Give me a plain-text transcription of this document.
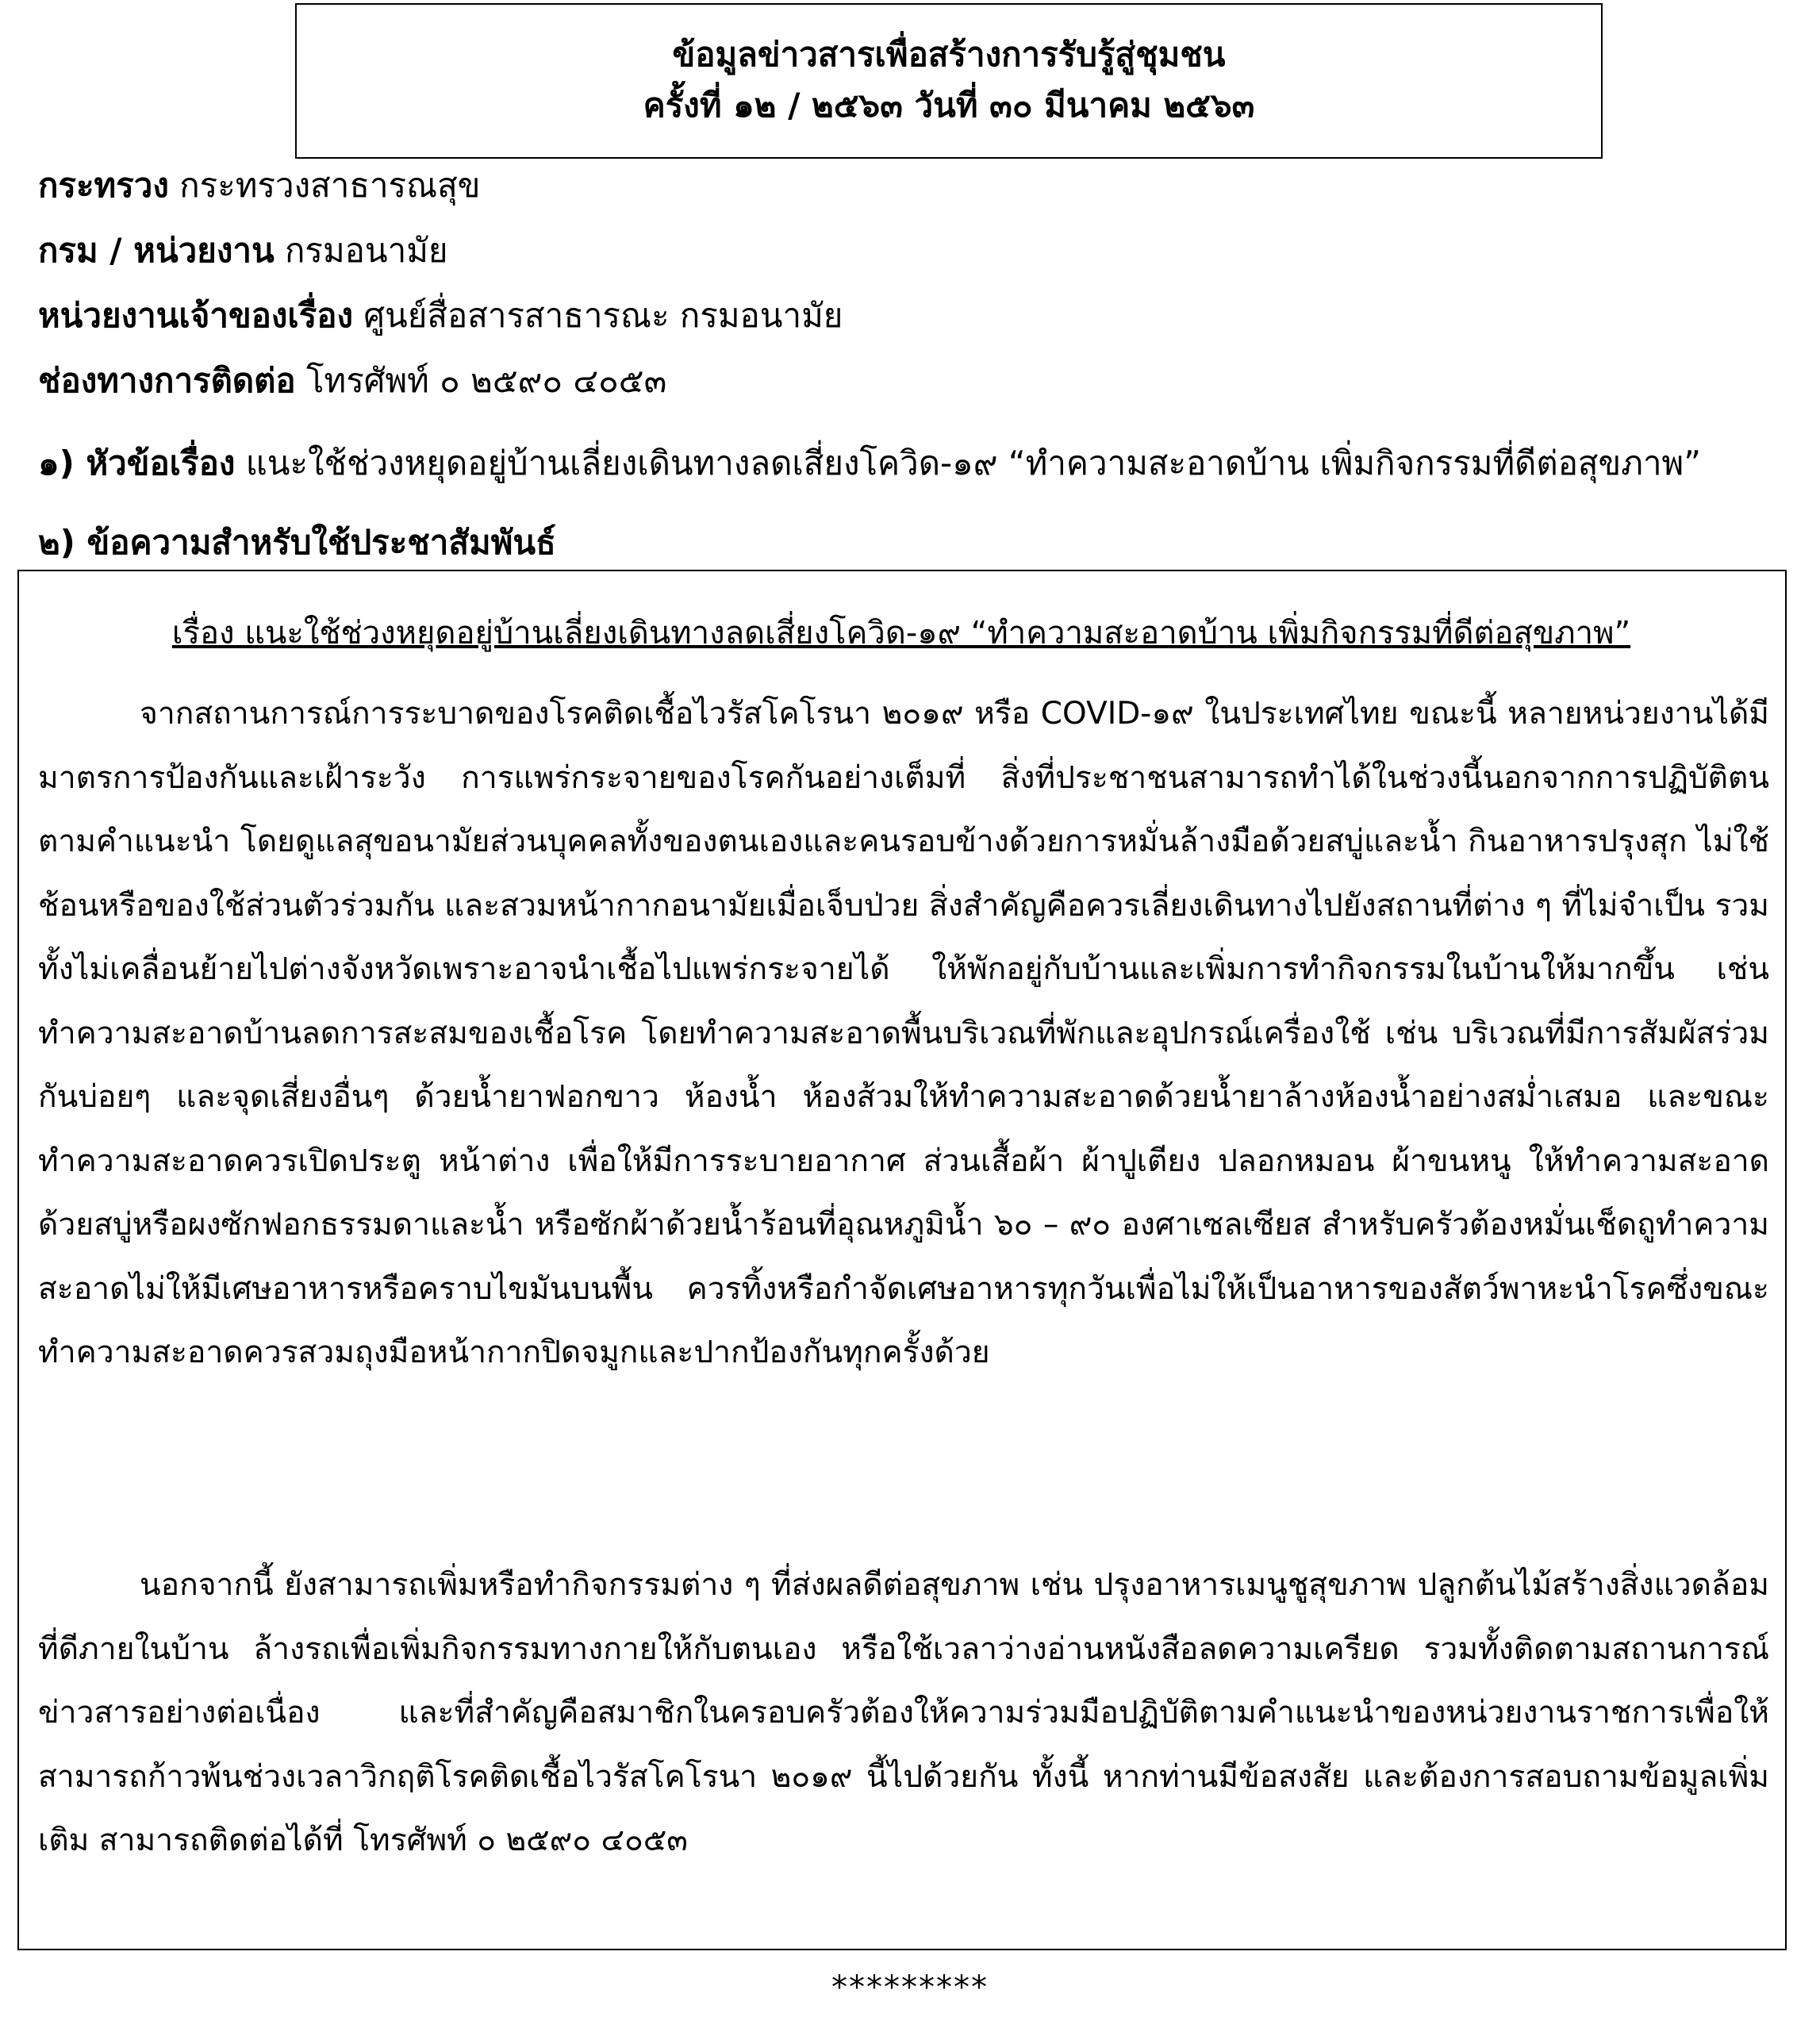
ข้อมูลข่าวสารเพื่อสร้างการรับรู้สู่ชุมชน
ครั้งที่ ๑๒ / ๒๕๖๓ วันที่ ๓๐ มีนาคม ๒๕๖๓
กระทรวง กระทรวงสาธารณสุข
กรม / หน่วยงาน กรมอนามัย
หน่วยงานเจ้าของเรื่อง ศูนย์สื่อสารสาธารณะ กรมอนามัย
ช่องทางการติดต่อ โทรศัพท์ ๐ ๒๕๙๐ ๔๐๕๓
๑) หัวข้อเรื่อง แนะใช้ช่วงหยุดอยู่บ้านเลี่ยงเดินทางลดเสี่ยงโควิด-๑๙ “ทำความสะอาดบ้าน เพิ่มกิจกรรมที่ดีต่อสุขภาพ”
๒) ข้อความสำหรับใช้ประชาสัมพันธ์
เรื่อง แนะใช้ช่วงหยุดอยู่บ้านเลี่ยงเดินทางลดเสี่ยงโควิด-๑๙ “ทำความสะอาดบ้าน เพิ่มกิจกรรมที่ดีต่อสุขภาพ”
จากสถานการณ์การระบาดของโรคติดเชื้อไวรัสโคโรนา ๒๐๑๙ หรือ COVID-๑๙ ในประเทศไทย ขณะนี้ หลายหน่วยงานได้มีมาตรการป้องกันและเฝ้าระวัง การแพร่กระจายของโรคกันอย่างเต็มที่ สิ่งที่ประชาชนสามารถทำได้ในช่วงนี้นอกจากการปฏิบัติตนตามคำแนะนำ โดยดูแลสุขอนามัยส่วนบุคคลทั้งของตนเองและคนรอบข้างด้วยการหมั่นล้างมือด้วยสบู่และน้ำ กินอาหารปรุงสุก ไม่ใช้ช้อนหรือของใช้ส่วนตัวร่วมกัน และสวมหน้ากากอนามัยเมื่อเจ็บป่วย สิ่งสำคัญคือควรเลี่ยงเดินทางไปยังสถานที่ต่าง ๆ ที่ไม่จำเป็น รวมทั้งไม่เคลื่อนย้ายไปต่างจังหวัดเพราะอาจนำเชื้อไปแพร่กระจายได้ ให้พักอยู่กับบ้านและเพิ่มการทำกิจกรรมในบ้านให้มากขึ้น เช่น ทำความสะอาดบ้านลดการสะสมของเชื้อโรค โดยทำความสะอาดพื้นบริเวณที่พักและอุปกรณ์เครื่องใช้ เช่น บริเวณที่มีการสัมผัสร่วมกันบ่อยๆ และจุดเสี่ยงอื่นๆ ด้วยน้ำยาฟอกขาว ห้องน้ำ ห้องส้วมให้ทำความสะอาดด้วยน้ำยาล้างห้องน้ำอย่างสม่ำเสมอ และขณะทำความสะอาดควรเปิดประตู หน้าต่าง เพื่อให้มีการระบายอากาศ ส่วนเสื้อผ้า ผ้าปูเตียง ปลอกหมอน ผ้าขนหนู ให้ทำความสะอาดด้วยสบู่หรือผงซักฟอกธรรมดาและน้ำ หรือซักผ้าด้วยน้ำร้อนที่อุณหภูมิน้ำ ๖๐ – ๙๐ องศาเซลเซียส สำหรับครัวต้องหมั่นเช็ดถูทำความสะอาดไม่ให้มีเศษอาหารหรือคราบไขมันบนพื้น ควรทิ้งหรือกำจัดเศษอาหารทุกวันเพื่อไม่ให้เป็นอาหารของสัตว์พาหะนำโรคซึ่งขณะทำความสะอาดควรสวมถุงมือหน้ากากปิดจมูกและปากป้องกันทุกครั้งด้วย
นอกจากนี้ ยังสามารถเพิ่มหรือทำกิจกรรมต่าง ๆ ที่ส่งผลดีต่อสุขภาพ เช่น ปรุงอาหารเมนูชูสุขภาพ ปลูกต้นไม้สร้างสิ่งแวดล้อมที่ดีภายในบ้าน ล้างรถเพื่อเพิ่มกิจกรรมทางกายให้กับตนเอง หรือใช้เวลาว่างอ่านหนังสือลดความเครียด รวมทั้งติดตามสถานการณ์ข่าวสารอย่างต่อเนื่อง และที่สำคัญคือสมาชิกในครอบครัวต้องให้ความร่วมมือปฏิบัติตามคำแนะนำของหน่วยงานราชการเพื่อให้สามารถก้าวพ้นช่วงเวลาวิกฤติโรคติดเชื้อไวรัสโคโรนา ๒๐๑๙ นี้ไปด้วยกัน ทั้งนี้ หากท่านมีข้อสงสัย และต้องการสอบถามข้อมูลเพิ่มเติม สามารถติดต่อได้ที่ โทรศัพท์ ๐ ๒๕๙๐ ๔๐๕๓
*********
